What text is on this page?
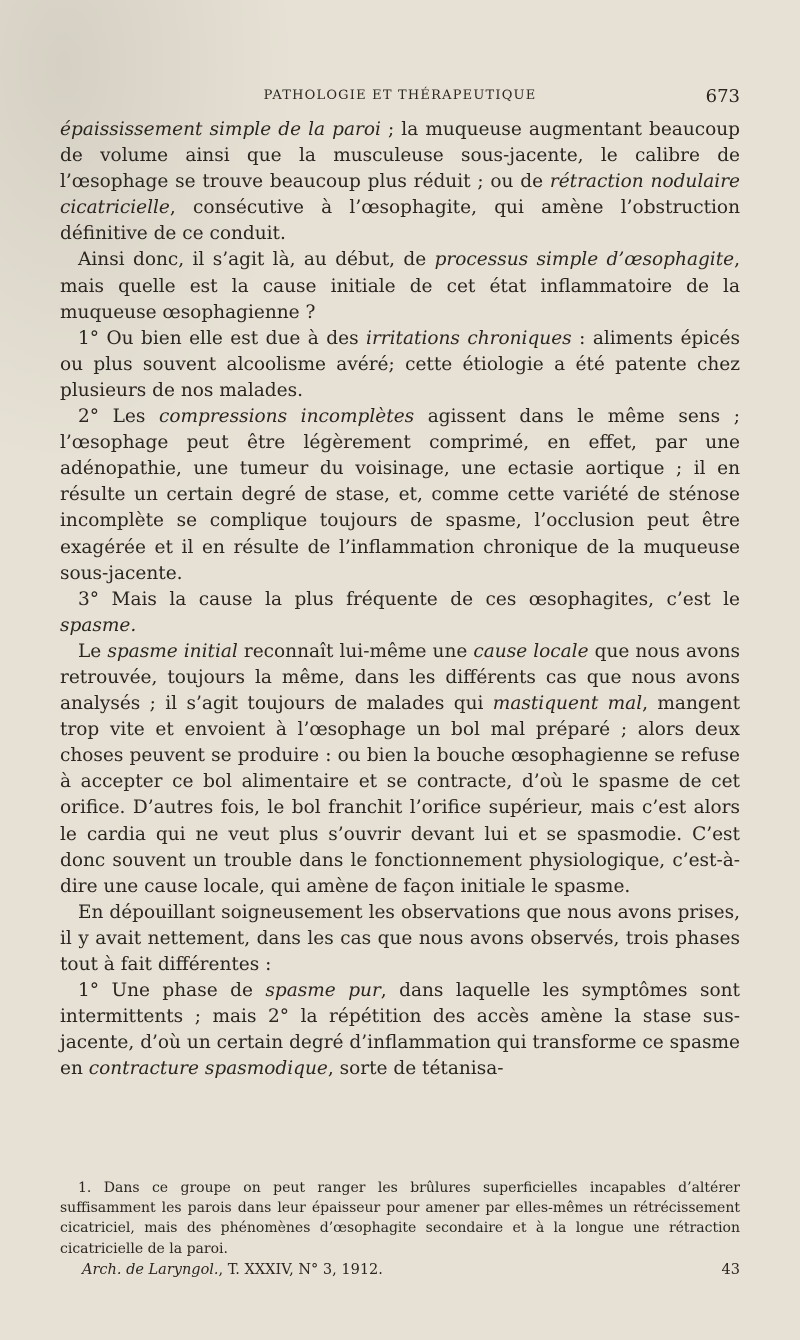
PATHOLOGIE ET THÉRAPEUTIQUE	673

épaississement simple de la paroi ; la muqueuse augmentant beaucoup de volume ainsi que la musculeuse sous-jacente, le calibre de l’œsophage se trouve beaucoup plus réduit ; ou de rétraction nodulaire cicatricielle, consécutive à l’œsophagite, qui amène l’obstruction définitive de ce conduit.

Ainsi donc, il s’agit là, au début, de processus simple d’œsophagite, mais quelle est la cause initiale de cet état inflammatoire de la muqueuse œsophagienne ?

1° Ou bien elle est due à des irritations chroniques : aliments épicés ou plus souvent alcoolisme avéré; cette étiologie a été patente chez plusieurs de nos malades.

2° Les compressions incomplètes agissent dans le même sens ; l’œsophage peut être légèrement comprimé, en effet, par une adénopathie, une tumeur du voisinage, une ectasie aortique ; il en résulte un certain degré de stase, et, comme cette variété de sténose incomplète se complique toujours de spasme, l’occlusion peut être exagérée et il en résulte de l’inflammation chronique de la muqueuse sous-jacente.

3° Mais la cause la plus fréquente de ces œsophagites, c’est le spasme.

Le spasme initial reconnaît lui-même une cause locale que nous avons retrouvée, toujours la même, dans les différents cas que nous avons analysés ; il s’agit toujours de malades qui mastiquent mal, mangent trop vite et envoient à l’œsophage un bol mal préparé ; alors deux choses peuvent se produire : ou bien la bouche œsophagienne se refuse à accepter ce bol alimentaire et se contracte, d’où le spasme de cet orifice. D’autres fois, le bol franchit l’orifice supérieur, mais c’est alors le cardia qui ne veut plus s’ouvrir devant lui et se spasmodie. C’est donc souvent un trouble dans le fonctionnement physiologique, c’est-à-dire une cause locale, qui amène de façon initiale le spasme.

En dépouillant soigneusement les observations que nous avons prises, il y avait nettement, dans les cas que nous avons observés, trois phases tout à fait différentes :

1° Une phase de spasme pur, dans laquelle les symptômes sont intermittents ; mais 2° la répétition des accès amène la stase sus-jacente, d’où un certain degré d’inflammation qui transforme ce spasme en contracture spasmodique, sorte de tétanisa-

1. Dans ce groupe on peut ranger les brûlures superficielles incapables d’altérer suffisamment les parois dans leur épaisseur pour amener par elles-mêmes un rétrécissement cicatriciel, mais des phénomènes d’œsophagite secondaire et à la longue une rétraction cicatricielle de la paroi.

Arch. de Laryngol., T. XXXIV, N° 3, 1912.	43
